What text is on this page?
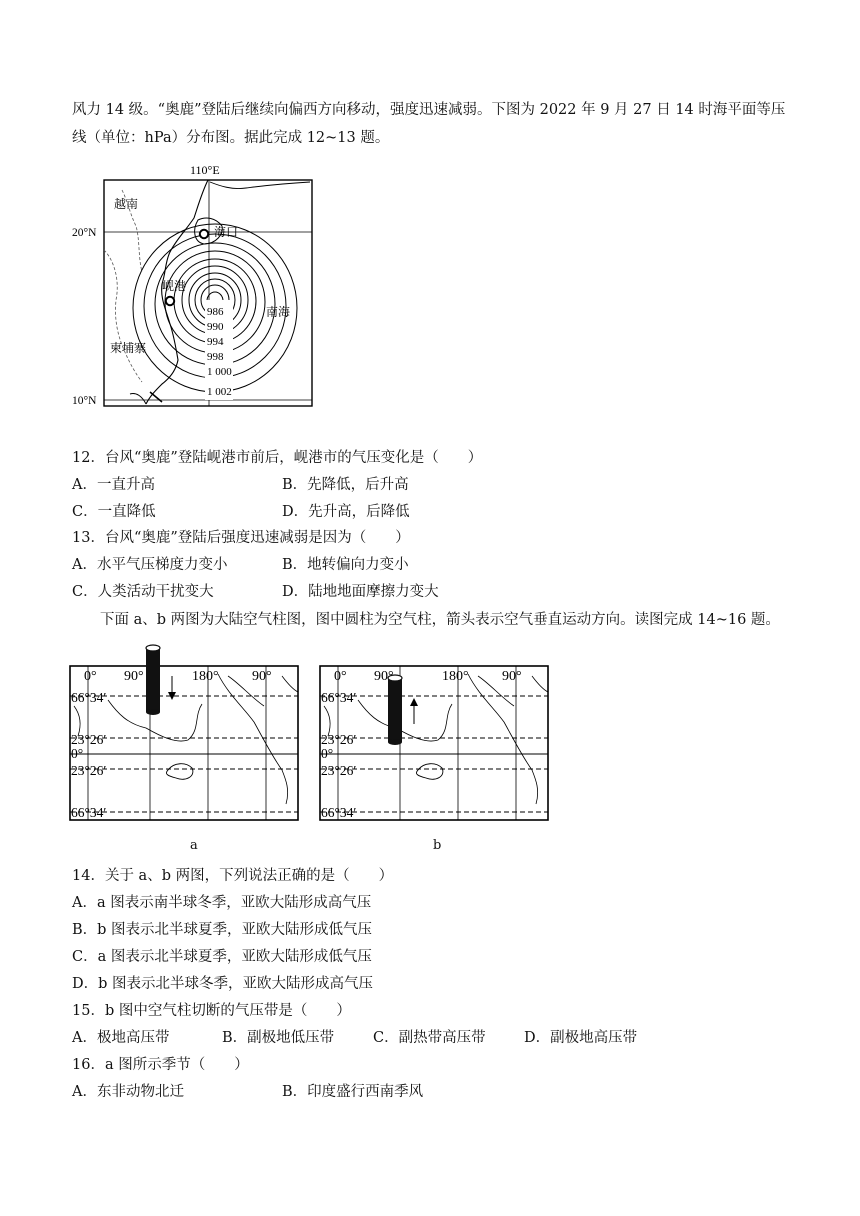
风力 14 级。“奥鹿”登陆后继续向偏西方向移动，强度迅速减弱。下图为 2022 年 9 月 27 日 14 时海平面等压
线（单位：hPa）分布图。据此完成 12~13 题。
110°E
20°N
10°N
986
990
994
998
1 000
1 002
海口
岘港
越南
柬埔寨
南海
12．台风“奥鹿”登陆岘港市前后，岘港市的气压变化是（　　）
A．一直升高	B．先降低，后升高
C．一直降低	D．先升高，后降低
13．台风“奥鹿”登陆后强度迅速减弱是因为（　　）
A．水平气压梯度力变小	B．地转偏向力变小
C．人类活动干扰变大	D．陆地地面摩擦力变大
下面 a、b 两图为大陆空气柱图，图中圆柱为空气柱，箭头表示空气垂直运动方向。读图完成 14~16 题。
0° 90°	180° 90°
66°34′
23°26′
0°
23°26′
66°34′
0° 90°	180° 90°
66°34′
23°26′
0°
23°26′
66°34′
a	b
14．关于 a、b 两图，下列说法正确的是（　　）
A．a 图表示南半球冬季，亚欧大陆形成高气压
B．b 图表示北半球夏季，亚欧大陆形成低气压
C．a 图表示北半球夏季，亚欧大陆形成低气压
D．b 图表示北半球冬季，亚欧大陆形成高气压
15．b 图中空气柱切断的气压带是（　　）
A．极地高压带	B．副极地低压带	C．副热带高压带	D．副极地高压带
16．a 图所示季节（　　）
A．东非动物北迁	B．印度盛行西南季风
